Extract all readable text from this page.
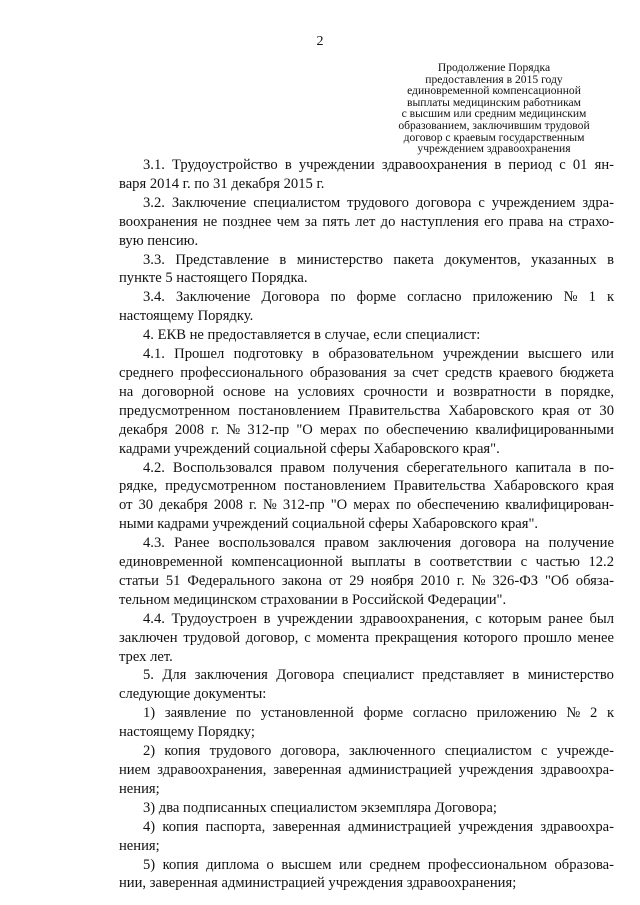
2
Продолжение Порядка
предоставления в 2015 году
единовременной компенсационной
выплаты медицинским работникам
с высшим или средним медицинским
образованием, заключившим трудовой
договор с краевым государственным
учреждением здравоохранения
3.1. Трудоустройство в учреждении здравоохранения в период с 01 ян-
варя 2014 г. по 31 декабря 2015 г.
3.2. Заключение специалистом трудового договора с учреждением здра-
воохранения не позднее чем за пять лет до наступления его права на страхо-
вую пенсию.
3.3. Представление в министерство пакета документов, указанных в
пункте 5 настоящего Порядка.
3.4. Заключение Договора по форме согласно приложению № 1 к
настоящему Порядку.
4. ЕКВ не предоставляется в случае, если специалист:
4.1. Прошел подготовку в образовательном учреждении высшего или
среднего профессионального образования за счет средств краевого бюджета
на договорной основе на условиях срочности и возвратности в порядке,
предусмотренном постановлением Правительства Хабаровского края от 30
декабря 2008 г. № 312-пр "О мерах по обеспечению квалифицированными
кадрами учреждений социальной сферы Хабаровского края".
4.2. Воспользовался правом получения сберегательного капитала в по-
рядке, предусмотренном постановлением Правительства Хабаровского края
от 30 декабря 2008 г. № 312-пр "О мерах по обеспечению квалифицирован-
ными кадрами учреждений социальной сферы Хабаровского края".
4.3. Ранее воспользовался правом заключения договора на получение
единовременной компенсационной выплаты в соответствии с частью 12.2
статьи 51 Федерального закона от 29 ноября 2010 г. № 326-ФЗ "Об обяза-
тельном медицинском страховании в Российской Федерации".
4.4. Трудоустроен в учреждении здравоохранения, с которым ранее был
заключен трудовой договор, с момента прекращения которого прошло менее
трех лет.
5. Для заключения Договора специалист представляет в министерство
следующие документы:
1) заявление по установленной форме согласно приложению № 2 к
настоящему Порядку;
2) копия трудового договора, заключенного специалистом с учрежде-
нием здравоохранения, заверенная администрацией учреждения здравоохра-
нения;
3) два подписанных специалистом экземпляра Договора;
4) копия паспорта, заверенная администрацией учреждения здравоохра-
нения;
5) копия диплома о высшем или среднем профессиональном образова-
нии, заверенная администрацией учреждения здравоохранения;
